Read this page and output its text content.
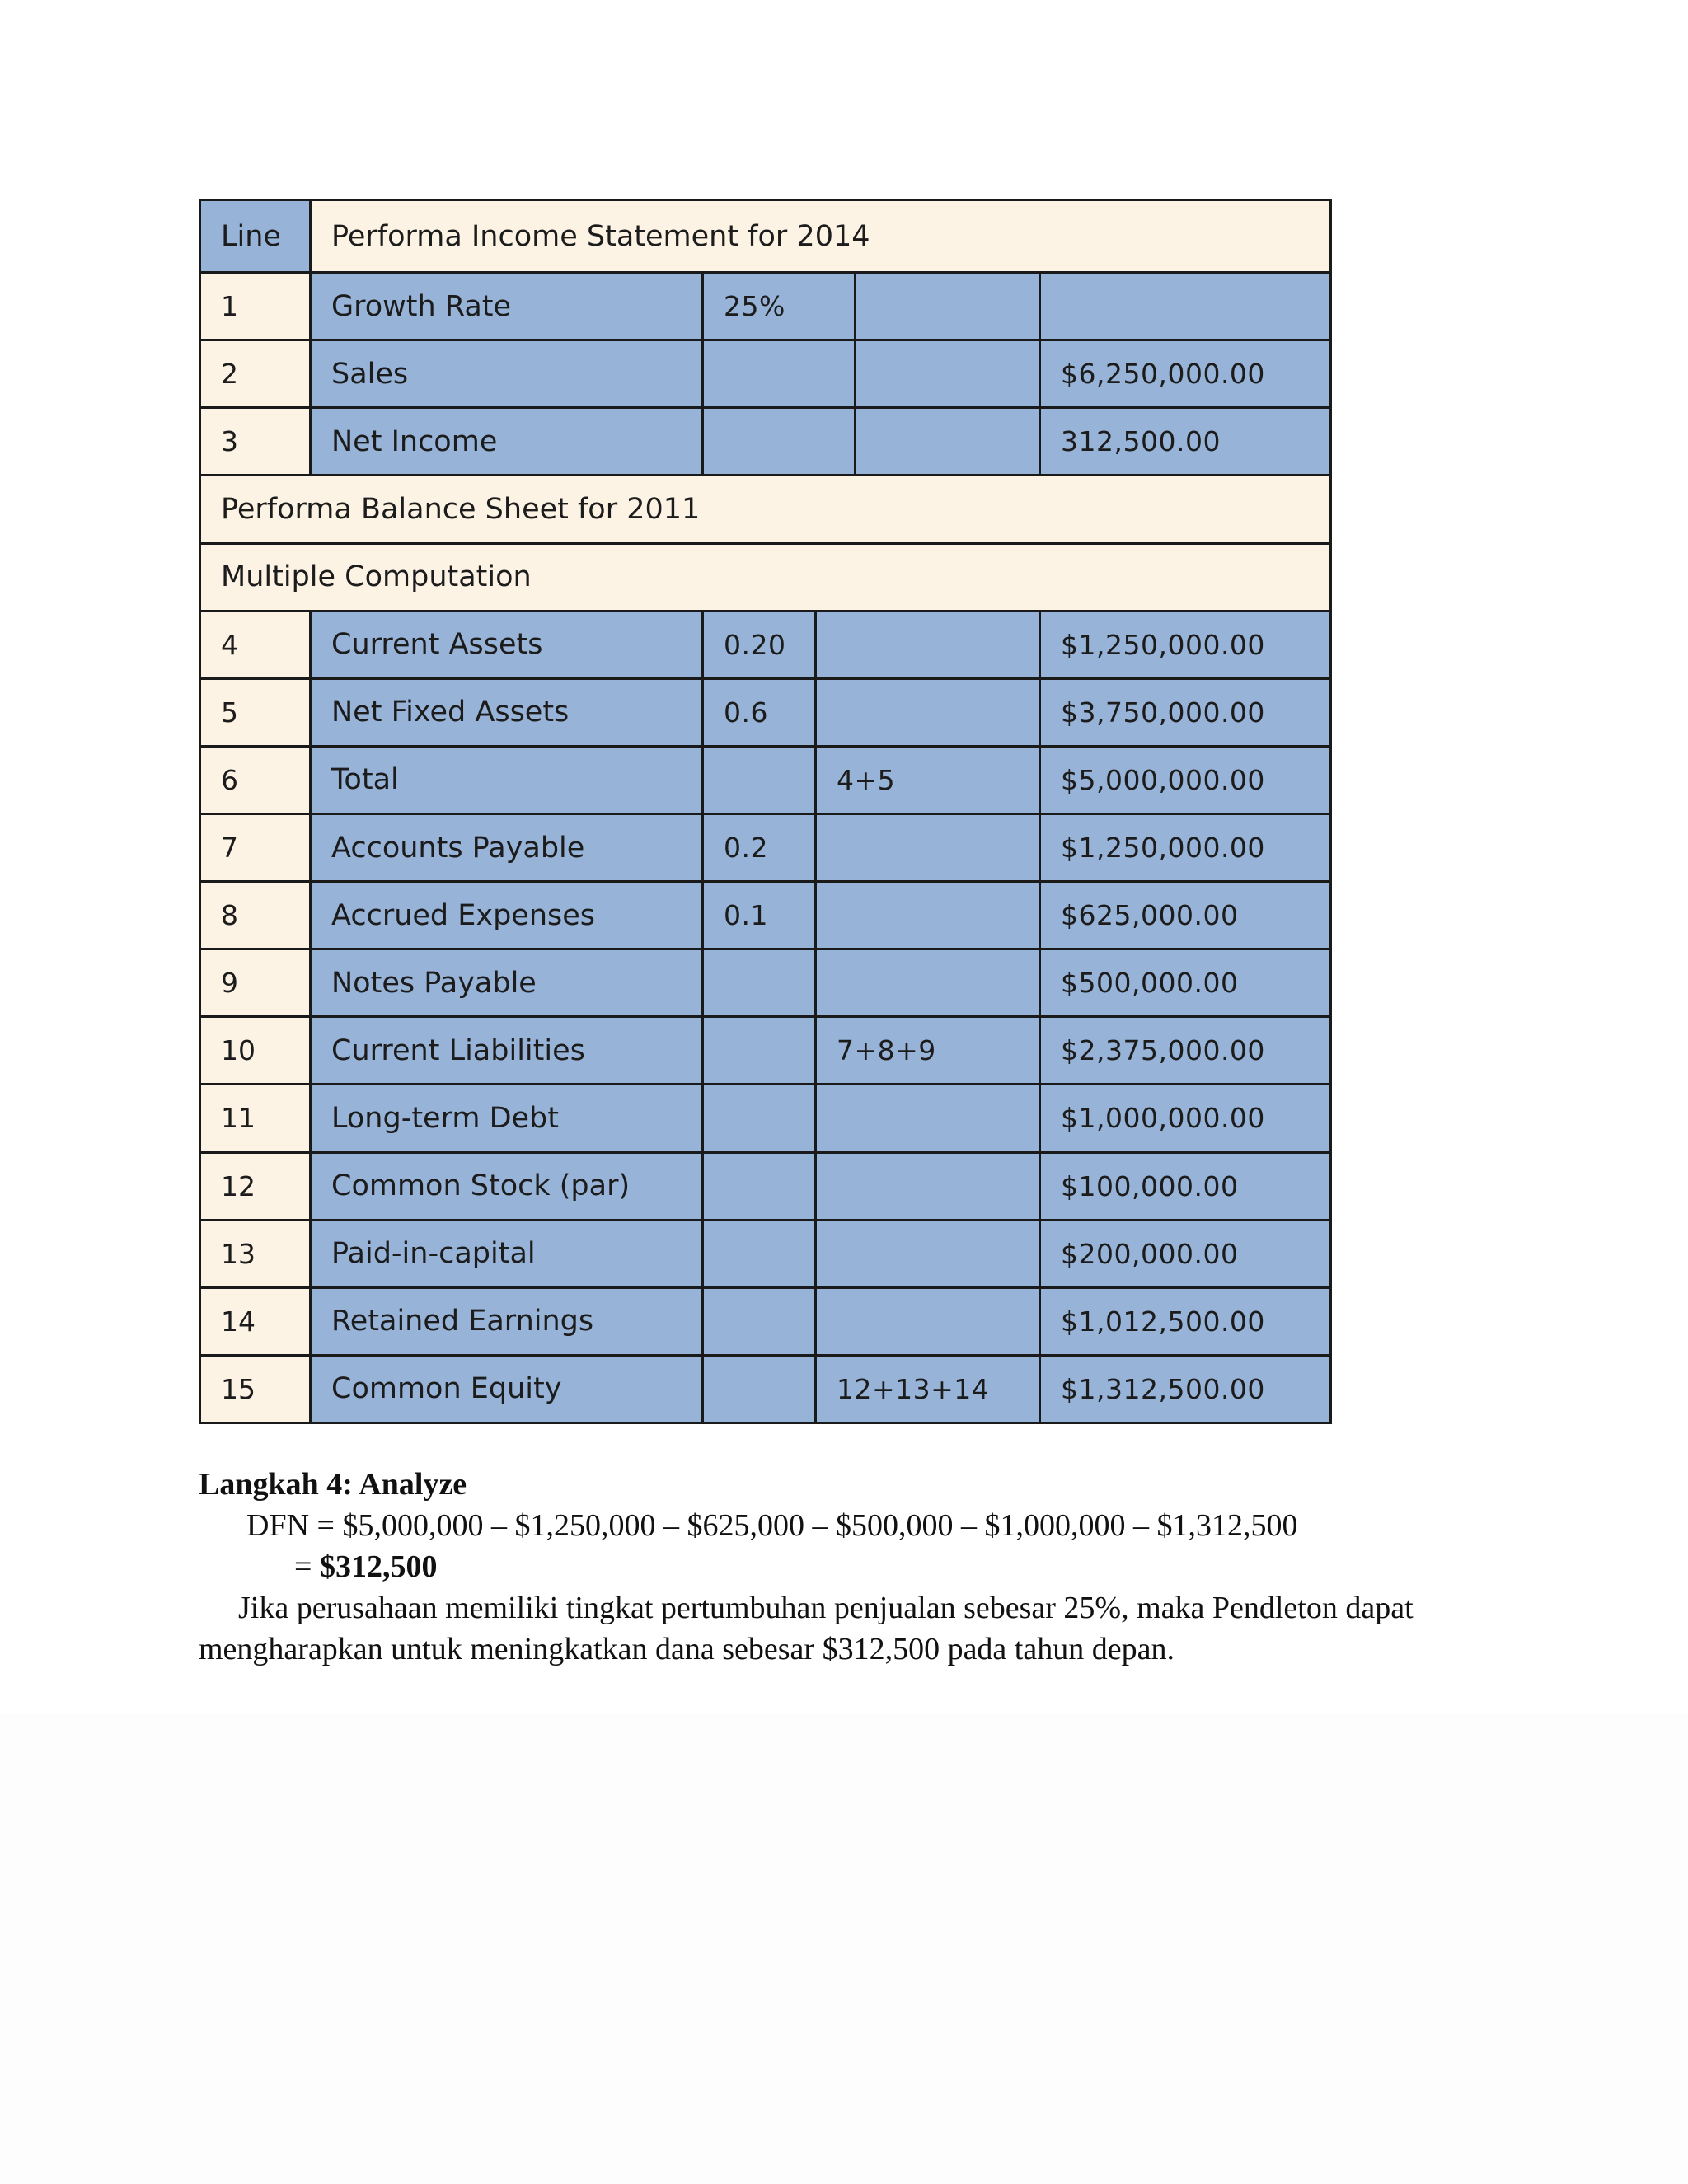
Line	Performa Income Statement for 2014				
1	Growth Rate	25%			
2	Sales				$6,250,000.00
3	Net Income				312,500.00
Performa Balance Sheet for 2011					
Multiple Computation					
4	Current Assets	0.20			$1,250,000.00
5	Net Fixed Assets	0.6			$3,750,000.00
6	Total		4+5		$5,000,000.00
7	Accounts Payable	0.2			$1,250,000.00
8	Accrued Expenses	0.1			$625,000.00
9	Notes Payable				$500,000.00
10	Current Liabilities		7+8+9		$2,375,000.00
11	Long-term Debt				$1,000,000.00
12	Common Stock (par)				$100,000.00
13	Paid-in-capital				$200,000.00
14	Retained Earnings				$1,012,500.00
15	Common Equity		12+13+14		$1,312,500.00
Langkah 4: Analyze
DFN = $5,000,000 – $1,250,000 – $625,000 – $500,000 – $1,000,000 – $1,312,500
= $312,500
Jika perusahaan memiliki tingkat pertumbuhan penjualan sebesar 25%, maka Pendleton dapat mengharapkan untuk meningkatkan dana sebesar $312,500 pada tahun depan.
